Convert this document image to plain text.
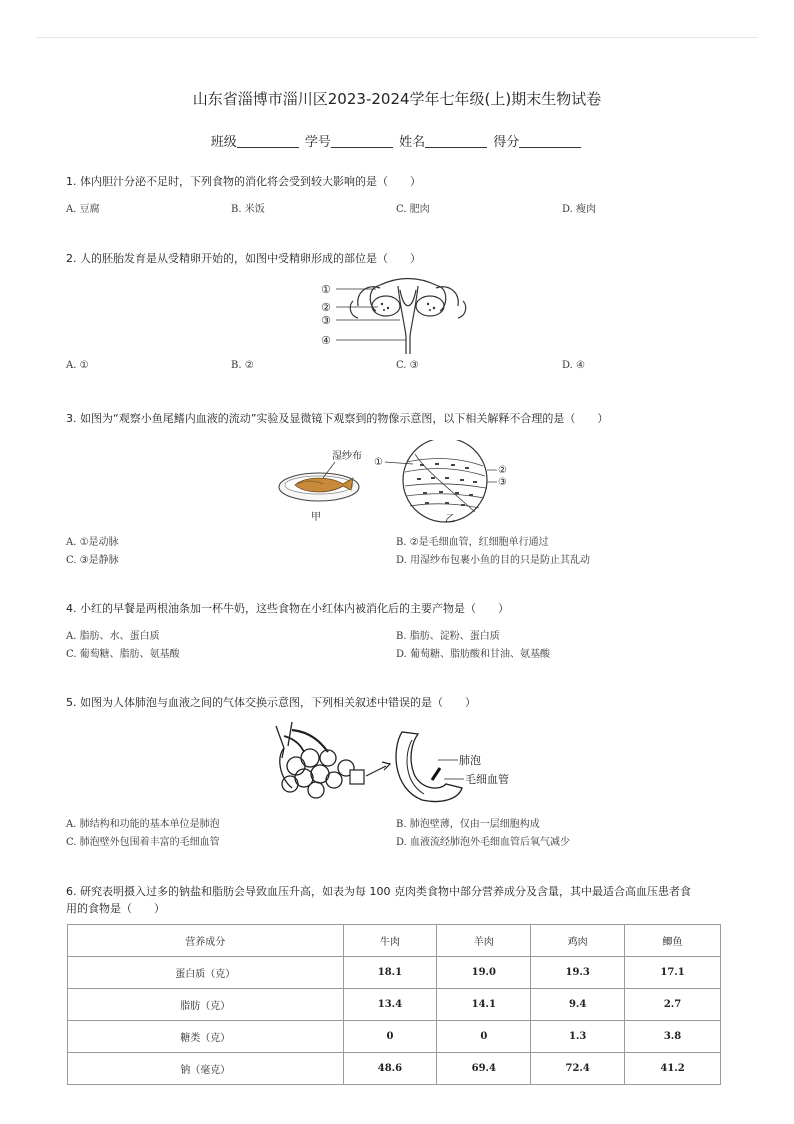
山东省淄博市淄川区2023-2024学年七年级(上)期末生物试卷
班级	学号	姓名	得分
1. 体内胆汁分泌不足时，下列食物的消化将会受到较大影响的是（　　）
A. 豆腐	B. 米饭	C. 肥肉	D. 瘦肉
2. 人的胚胎发育是从受精卵开始的，如图中受精卵形成的部位是（　　）
①
②
③
④
A. ①	B. ②	C. ③	D. ④
3. 如图为“观察小鱼尾鳍内血液的流动”实验及显微镜下观察到的物像示意图，以下相关解释不合理的是（　　）
湿纱布
甲
①
②
③
乙
A. ①是动脉	B. ②是毛细血管，红细胞单行通过
C. ③是静脉	D. 用湿纱布包裹小鱼的目的只是防止其乱动
4. 小红的早餐是两根油条加一杯牛奶，这些食物在小红体内被消化后的主要产物是（　　）
A. 脂肪、水、蛋白质	B. 脂肪、淀粉、蛋白质
C. 葡萄糖、脂肪、氨基酸	D. 葡萄糖、脂肪酸和甘油、氨基酸
5. 如图为人体肺泡与血液之间的气体交换示意图，下列相关叙述中错误的是（　　）
肺泡
毛细血管
A. 肺结构和功能的基本单位是肺泡	B. 肺泡壁薄，仅由一层细胞构成
C. 肺泡壁外包围着丰富的毛细血管	D. 血液流经肺泡外毛细血管后氧气减少
6. 研究表明摄入过多的钠盐和脂肪会导致血压升高，如表为每 100 克肉类食物中部分营养成分及含量，其中最适合高血压患者食
用的食物是（　　）
营养成分	牛肉	羊肉	鸡肉	鲫鱼
蛋白质（克）	18.1	19.0	19.3	17.1
脂肪（克）	13.4	14.1	9.4	2.7
糖类（克）	0	0	1.3	3.8
钠（毫克）	48.6	69.4	72.4	41.2
